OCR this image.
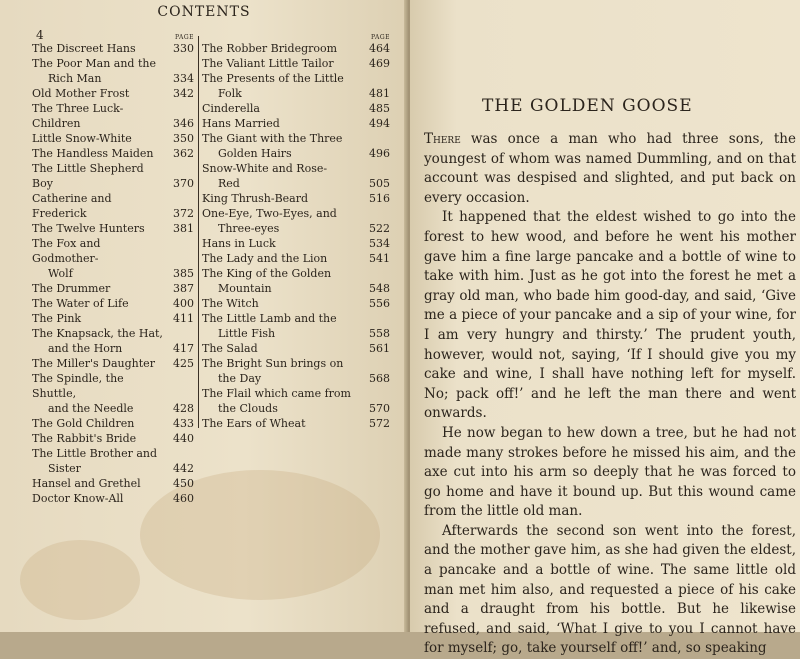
CONTENTS
4	PAGE
The Discreet Hans	330
The Poor Man and the
Rich Man	334
Old Mother Frost	342
The Three Luck-Children	346
Little Snow-White	350
The Handless Maiden	362
The Little Shepherd Boy	370
Catherine and Frederick	372
The Twelve Hunters	381
The Fox and Godmother-
Wolf	385
The Drummer	387
The Water of Life	400
The Pink	411
The Knapsack, the Hat,
and the Horn	417
The Miller's Daughter	425
The Spindle, the Shuttle,
and the Needle	428
The Gold Children	433
The Rabbit's Bride	440
The Little Brother and
Sister	442
Hansel and Grethel	450
Doctor Know-All	460
PAGE
The Robber Bridegroom	464
The Valiant Little Tailor	469
The Presents of the Little
Folk	481
Cinderella	485
Hans Married	494
The Giant with the Three
Golden Hairs	496
Snow-White and Rose-
Red	505
King Thrush-Beard	516
One-Eye, Two-Eyes, and
Three-eyes	522
Hans in Luck	534
The Lady and the Lion	541
The King of the Golden
Mountain	548
The Witch	556
The Little Lamb and the
Little Fish	558
The Salad	561
The Bright Sun brings on
the Day	568
The Flail which came from
the Clouds	570
The Ears of Wheat	572
THE GOLDEN GOOSE

There was once a man who had three sons, the youngest of whom was named Dummling, and on that account was despised and slighted, and put back on every occasion.

It happened that the eldest wished to go into the forest to hew wood, and before he went his mother gave him a fine large pancake and a bottle of wine to take with him. Just as he got into the forest he met a gray old man, who bade him good-day, and said, ‘Give me a piece of your pancake and a sip of your wine, for I am very hungry and thirsty.’ The prudent youth, however, would not, saying, ‘If I should give you my cake and wine, I shall have nothing left for myself. No; pack off!’ and he left the man there and went onwards.

He now began to hew down a tree, but he had not made many strokes before he missed his aim, and the axe cut into his arm so deeply that he was forced to go home and have it bound up. But this wound came from the little old man.

Afterwards the second son went into the forest, and the mother gave him, as she had given the eldest, a pancake and a bottle of wine. The same little old man met him also, and requested a piece of his cake and a draught from his bottle. But he likewise refused, and said, ‘What I give to you I cannot have for myself; go, take yourself off!’ and, so speaking
